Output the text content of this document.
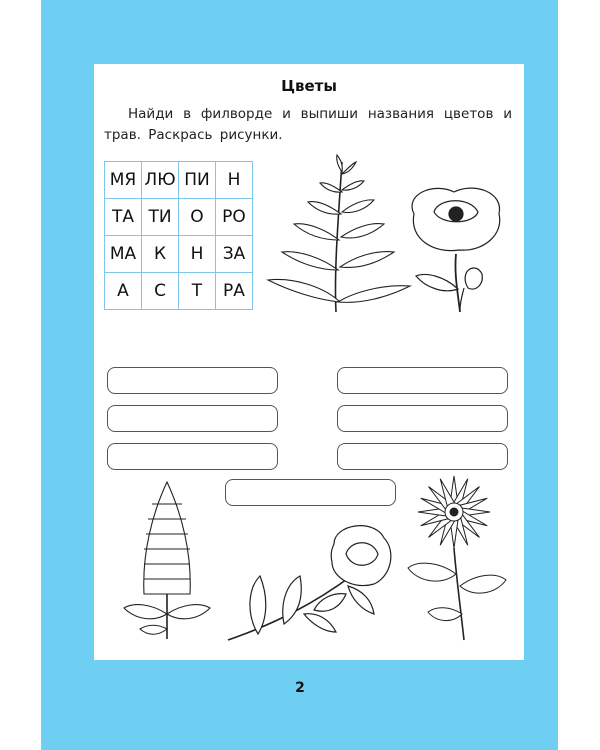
Цветы
Найди в филворде и выпиши названия цветов и трав. Раскрась рисунки.
МЯ	ЛЮ	ПИ	Н
ТА	ТИ	О	РО
МА	К	Н	ЗА
А	С	Т	РА
2
